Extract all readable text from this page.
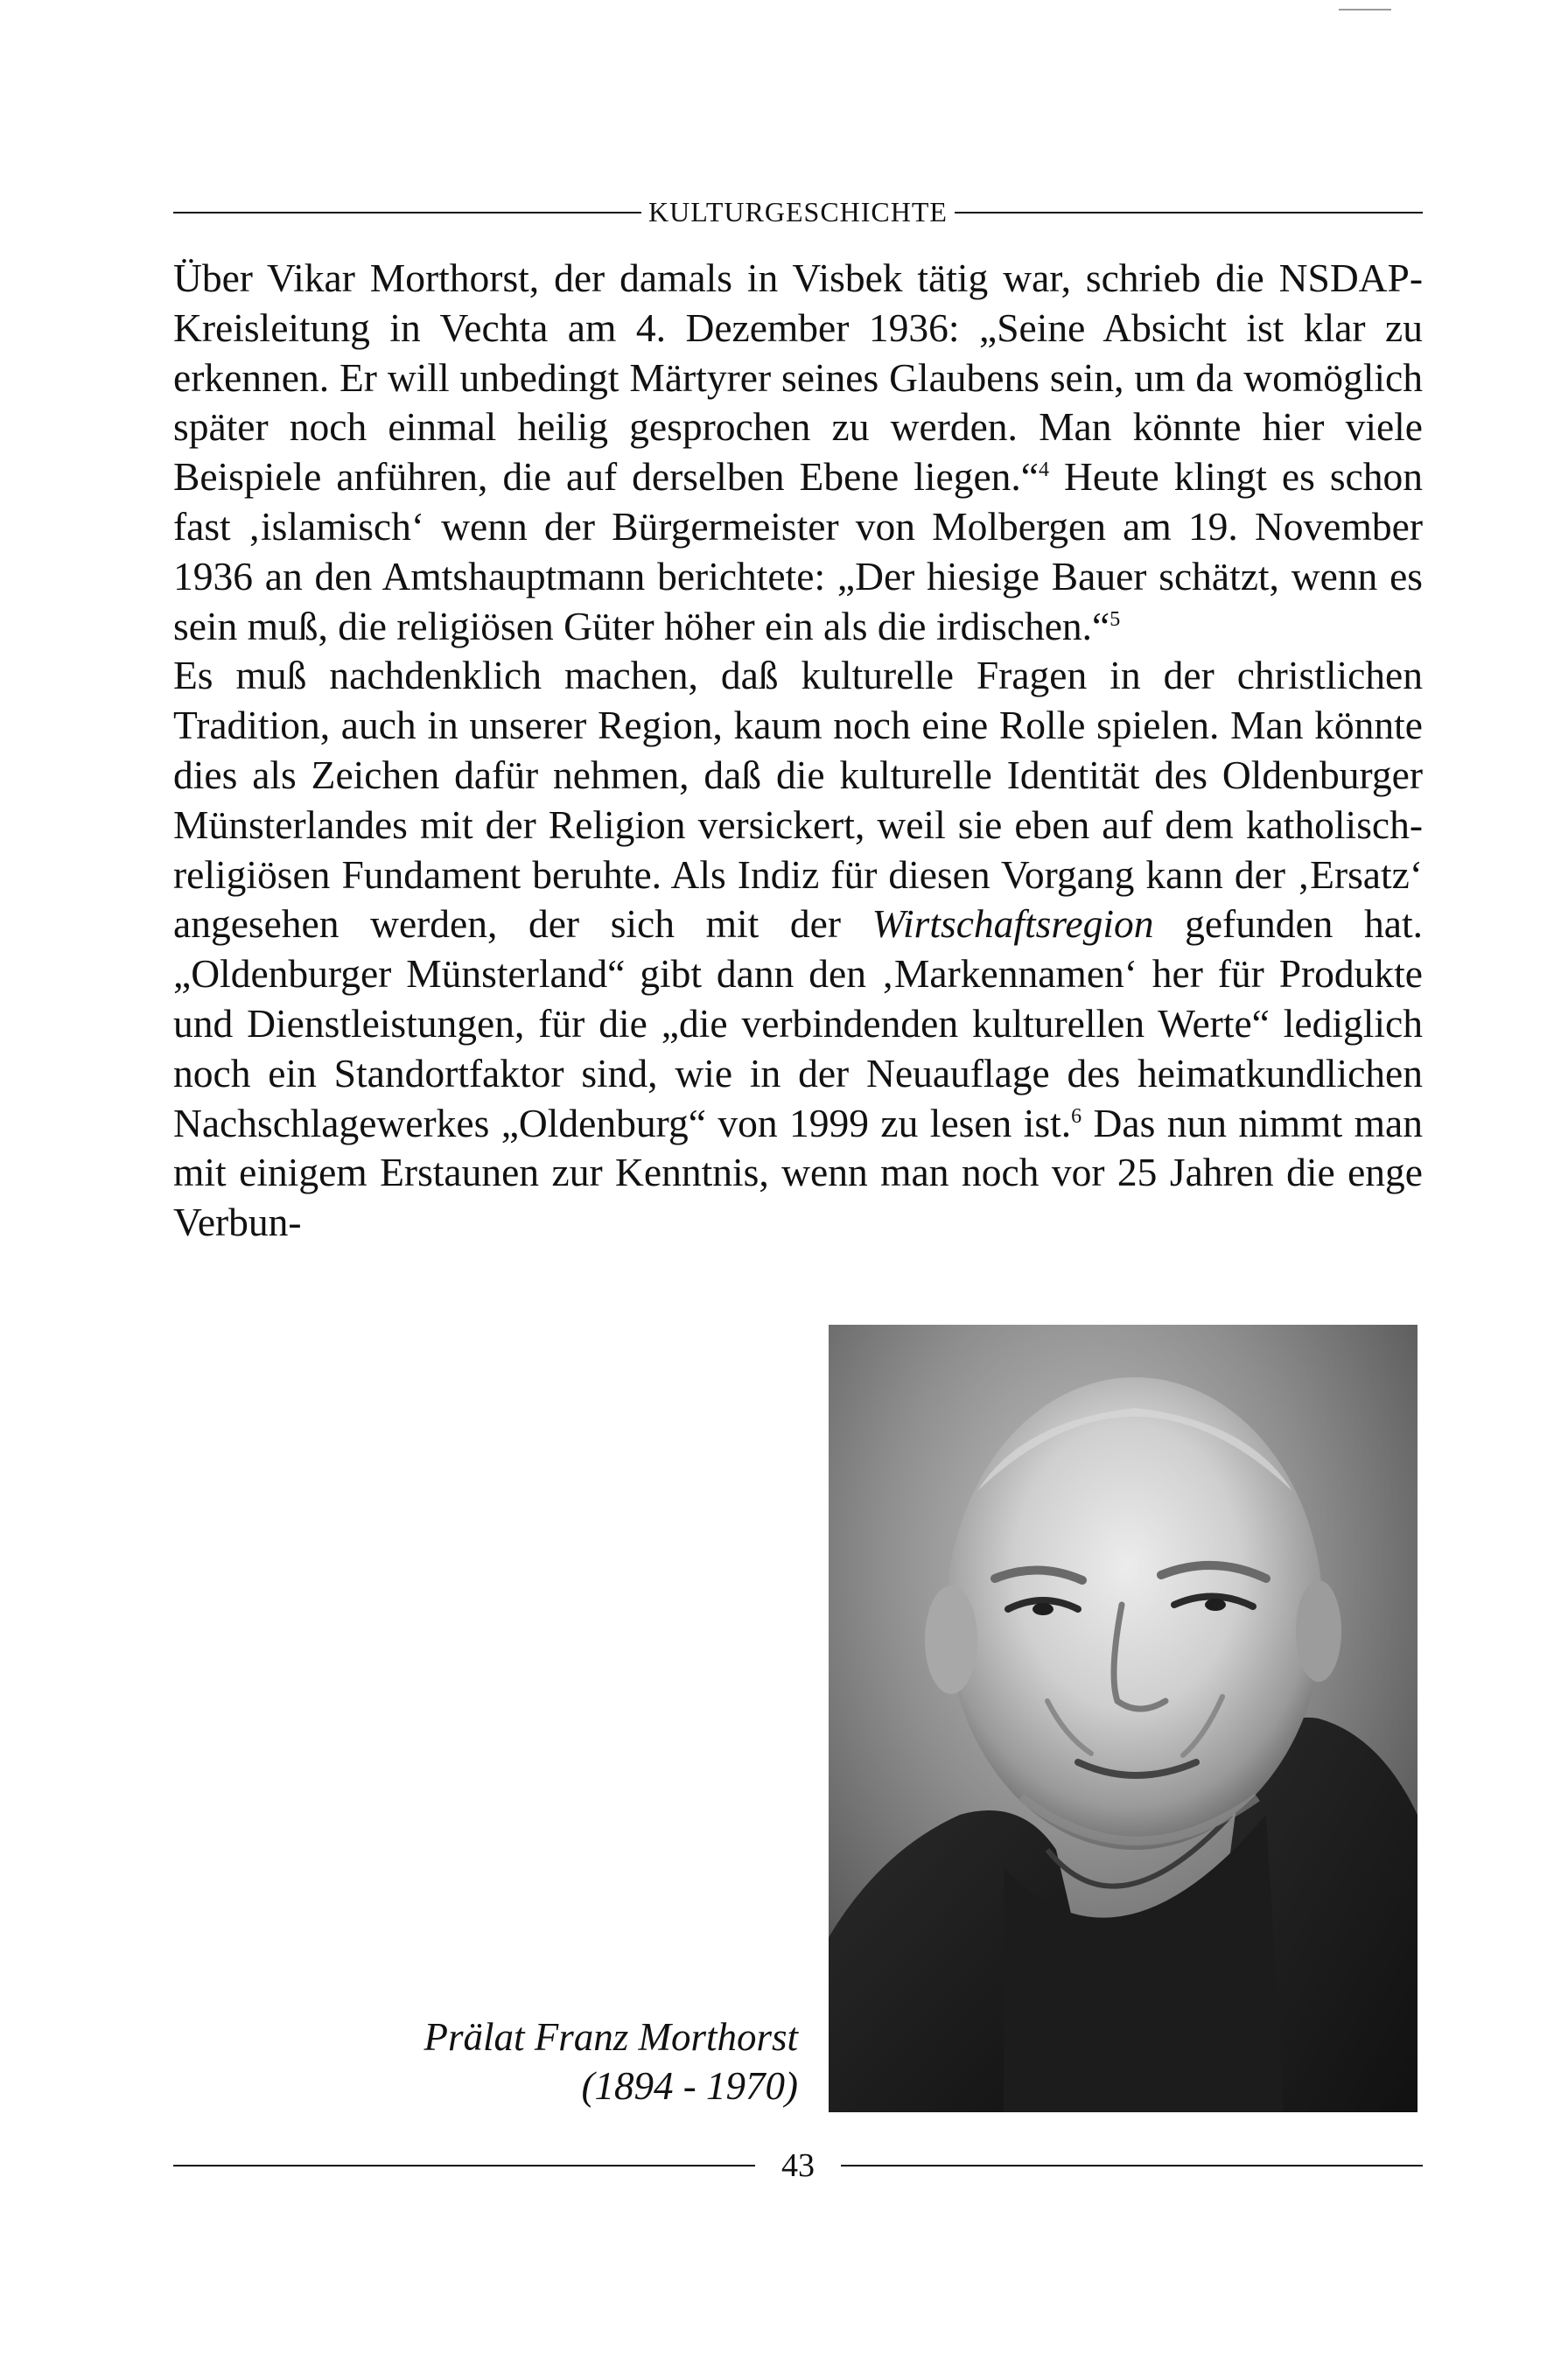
KULTURGESCHICHTE

Über Vikar Morthorst, der damals in Visbek tätig war, schrieb die NSDAP-Kreisleitung in Vechta am 4. Dezember 1936: „Seine Absicht ist klar zu erkennen. Er will unbedingt Märtyrer seines Glaubens sein, um da womöglich später noch einmal heilig gesprochen zu werden. Man könnte hier viele Beispiele anführen, die auf derselben Ebene liegen.“$^4$ Heute klingt es schon fast ‚islamisch‘ wenn der Bürgermeister von Molbergen am 19. November 1936 an den Amtshauptmann berichtete: „Der hiesige Bauer schätzt, wenn es sein muß, die religiösen Güter höher ein als die irdischen.“$^5$

Es muß nachdenklich machen, daß kulturelle Fragen in der christlichen Tradition, auch in unserer Region, kaum noch eine Rolle spielen. Man könnte dies als Zeichen dafür nehmen, daß die kulturelle Identität des Oldenburger Münsterlandes mit der Religion versickert, weil sie eben auf dem katholisch-religiösen Fundament beruhte. Als Indiz für diesen Vorgang kann der ‚Ersatz‘ angesehen werden, der sich mit der Wirtschaftsregion gefunden hat. „Oldenburger Münsterland“ gibt dann den ‚Markennamen‘ her für Produkte und Dienstleistungen, für die „die verbindenden kulturellen Werte“ lediglich noch ein Standortfaktor sind, wie in der Neuauflage des heimatkundlichen Nachschlagewerkes „Oldenburg“ von 1999 zu lesen ist.$^6$ Das nun nimmt man mit einigem Erstaunen zur Kenntnis, wenn man noch vor 25 Jahren die enge Verbun-

Prälat Franz Morthorst
(1894 - 1970)
43
